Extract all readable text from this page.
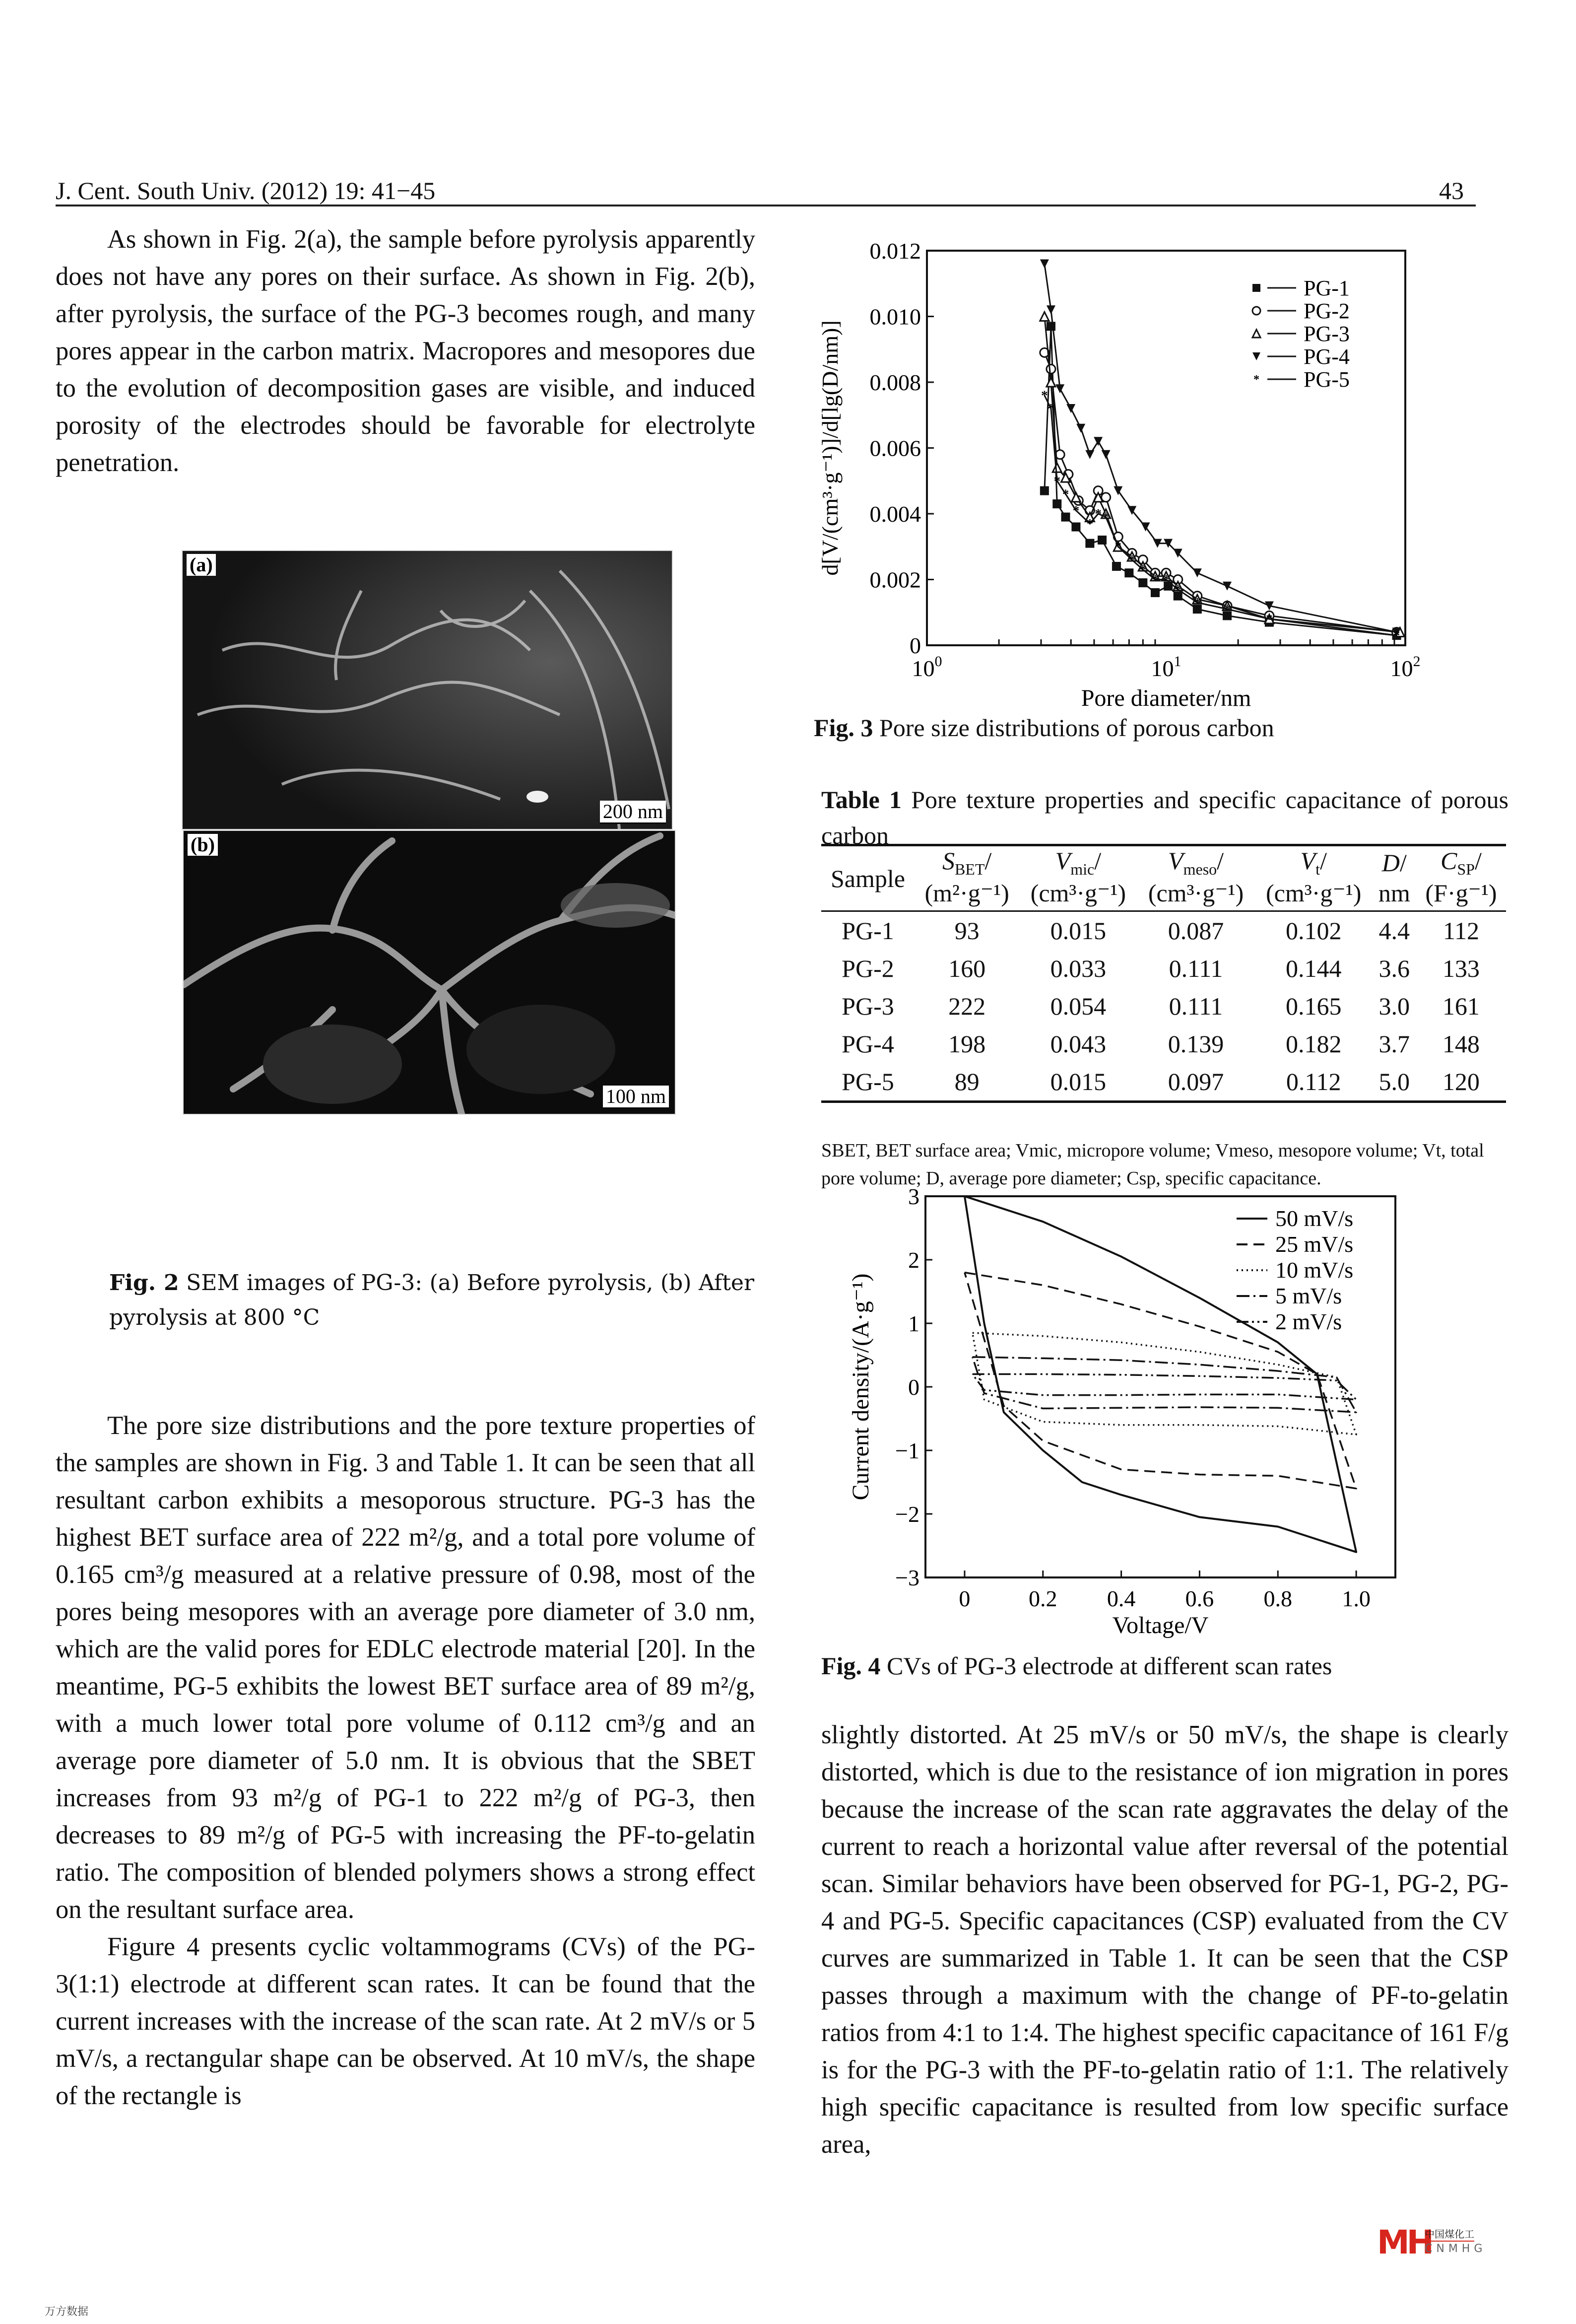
J. Cent. South Univ. (2012) 19: 41−45	43

As shown in Fig. 2(a), the sample before pyrolysis apparently does not have any pores on their surface. As shown in Fig. 2(b), after pyrolysis, the surface of the PG-3 becomes rough, and many pores appear in the carbon matrix. Macropores and mesopores due to the evolution of decomposition gases are visible, and induced porosity of the electrodes should be favorable for electrolyte penetration.

(a)
200 nm
(b)
100 nm
Fig. 2 SEM images of PG-3: (a) Before pyrolysis, (b) After pyrolysis at 800 °C

The pore size distributions and the pore texture properties of the samples are shown in Fig. 3 and Table 1. It can be seen that all resultant carbon exhibits a mesoporous structure. PG-3 has the highest BET surface area of 222 m²/g, and a total pore volume of 0.165 cm³/g measured at a relative pressure of 0.98, most of the pores being mesopores with an average pore diameter of 3.0 nm, which are the valid pores for EDLC electrode material [20]. In the meantime, PG-5 exhibits the lowest BET surface area of 89 m²/g, with a much lower total pore volume of 0.112 cm³/g and an average pore diameter of 5.0 nm. It is obvious that the SBET increases from 93 m²/g of PG-1 to 222 m²/g of PG-3, then decreases to 89 m²/g of PG-5 with increasing the PF-to-gelatin ratio. The composition of blended polymers shows a strong effect on the resultant surface area.

Figure 4 presents cyclic voltammograms (CVs) of the PG-3(1:1) electrode at different scan rates. It can be found that the current increases with the increase of the scan rate. At 2 mV/s or 5 mV/s, a rectangular shape can be observed. At 10 mV/s, the shape of the rectangle is

0
0.002
0.004
0.006
0.008
0.010
0.012
$10^0$	$10^1$	$10^2$
Pore diameter/nm
d[V/(cm³·g⁻¹)]/d[lg(D/nm)]
PG-1
PG-2
PG-3
PG-4
*
*
*
*
*
*
* *
*
*
*
* *
*
* *
*
*
* PG-5
Fig. 3 Pore size distributions of porous carbon
Table 1 Pore texture properties and specific capacitance of porous carbon
Sample	$S_{BET}/$	$V_{mic}/$	$V_{meso}/$	$V_t/$	D/	$C_{SP}/$
	(m²·g⁻¹)	(cm³·g⁻¹)	(cm³·g⁻¹)	(cm³·g⁻¹)	nm	(F·g⁻¹)
PG-1	93	0.015	0.087	0.102	4.4	112
PG-2	160	0.033	0.111	0.144	3.6	133
PG-3	222	0.054	0.111	0.165	3.0	161
PG-4	198	0.043	0.139	0.182	3.7	148
PG-5	89	0.015	0.097	0.112	5.0	120
SBET, BET surface area; Vmic, micropore volume; Vmeso, mesopore volume; Vt, total pore volume; D, average pore diameter; Csp, specific capacitance.
−3
−2
−1
0
1
2
3
0	0.2 0.4 0.6 0.8 1.0
Voltage/V
Current density/(A·g⁻¹)
50 mV/s
25 mV/s
10 mV/s
5 mV/s
2 mV/s
Fig. 4 CVs of PG-3 electrode at different scan rates

slightly distorted. At 25 mV/s or 50 mV/s, the shape is clearly distorted, which is due to the resistance of ion migration in pores because the increase of the scan rate aggravates the delay of the current to reach a horizontal value after reversal of the potential scan. Similar behaviors have been observed for PG-1, PG-2, PG-4 and PG-5. Specific capacitances (CSP) evaluated from the CV curves are summarized in Table 1. It can be seen that the CSP passes through a maximum with the change of PF-to-gelatin ratios from 4:1 to 1:4. The highest specific capacitance of 161 F/g is for the PG-3 with the PF-to-gelatin ratio of 1:1. The relatively high specific capacitance is resulted from low specific surface area,

万方数据
MH
中国煤化工
CNMHG
